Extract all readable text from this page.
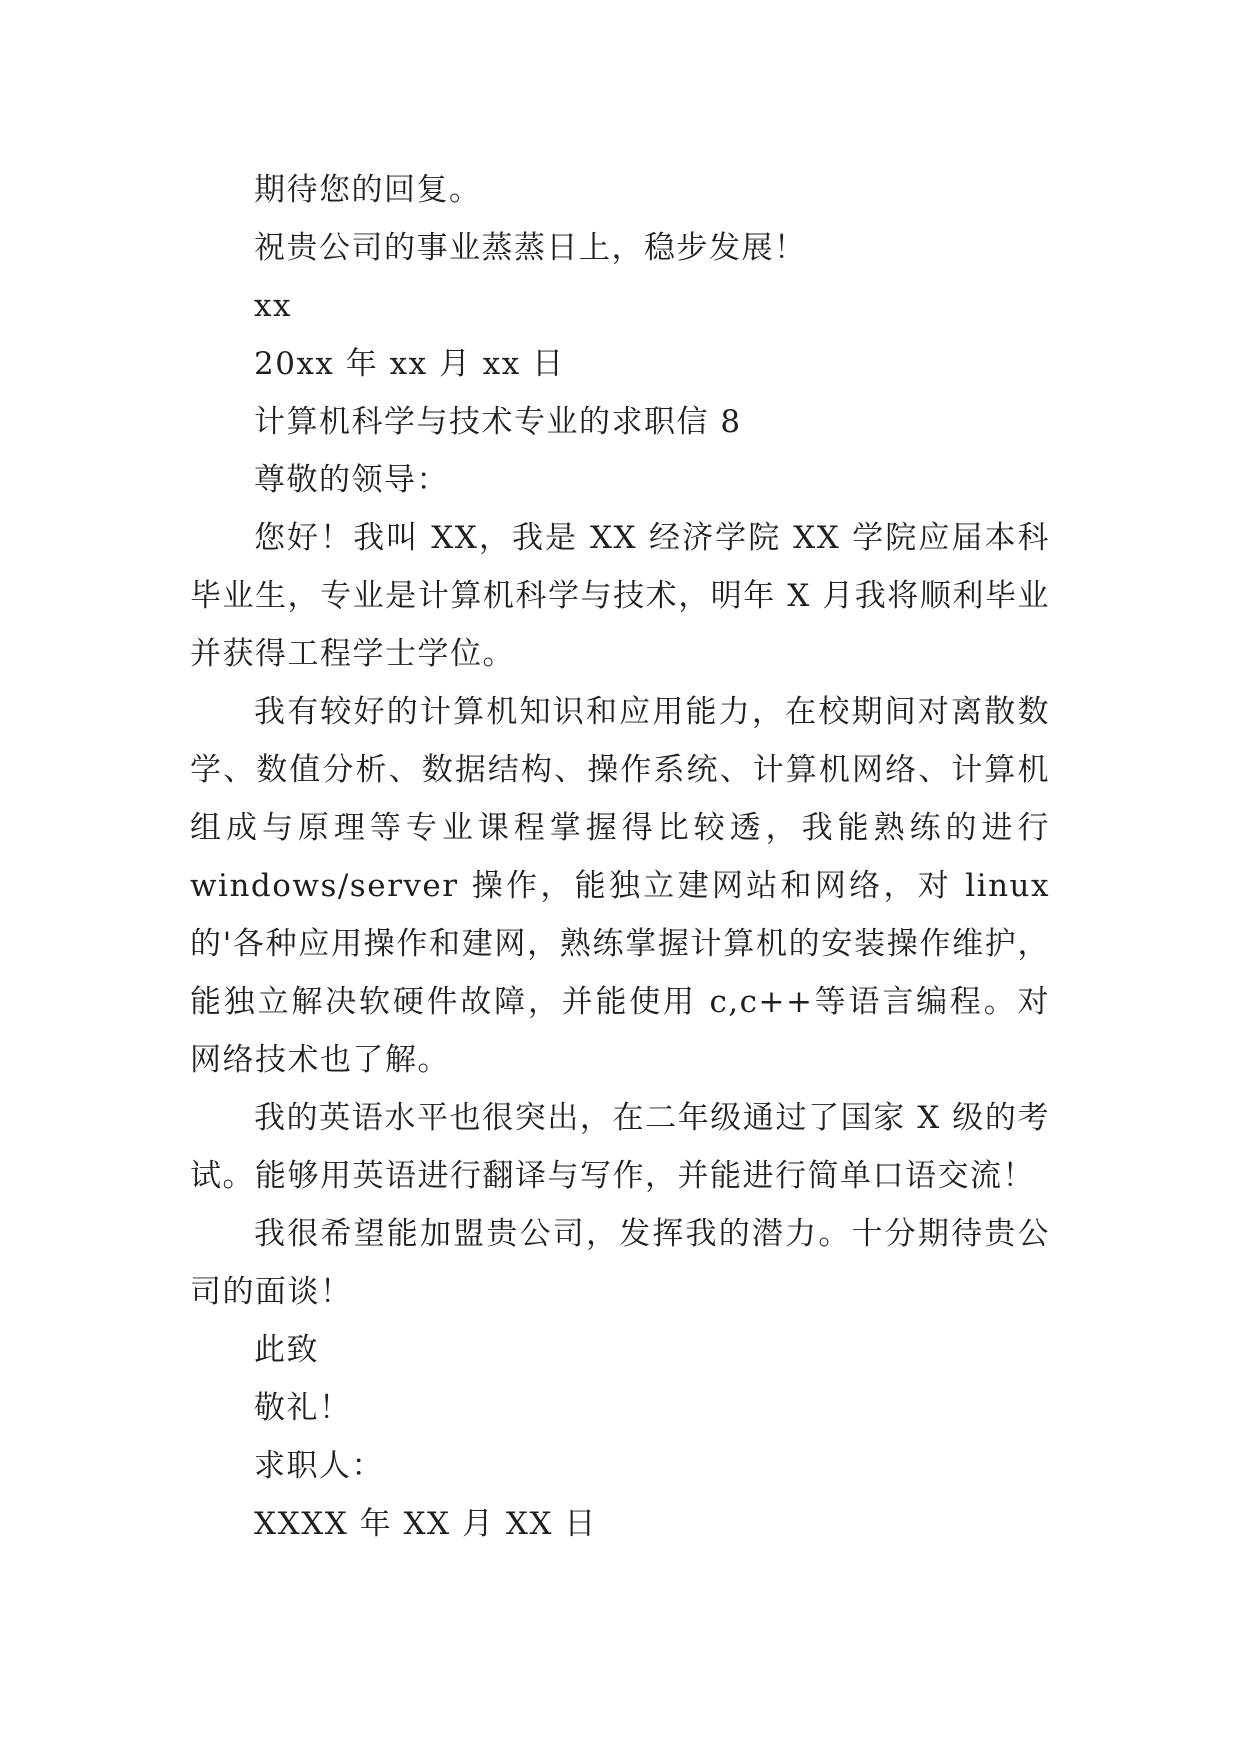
期待您的回复。

祝贵公司的事业蒸蒸日上，稳步发展！

xx

20xx 年 xx 月 xx 日

计算机科学与技术专业的求职信 8

尊敬的领导：

您好！我叫 XX，我是 XX 经济学院 XX 学院应届本科毕业生，专业是计算机科学与技术，明年 X 月我将顺利毕业并获得工程学士学位。

我有较好的计算机知识和应用能力，在校期间对离散数学、数值分析、数据结构、操作系统、计算机网络、计算机组成与原理等专业课程掌握得比较透，我能熟练的进行 windows/server 操作，能独立建网站和网络，对 linux 的'各种应用操作和建网，熟练掌握计算机的安装操作维护，能独立解决软硬件故障，并能使用 c,c++等语言编程。对网络技术也了解。

我的英语水平也很突出，在二年级通过了国家 X 级的考试。能够用英语进行翻译与写作，并能进行简单口语交流！

我很希望能加盟贵公司，发挥我的潜力。十分期待贵公司的面谈！

此致

敬礼！

求职人：

XXXX 年 XX 月 XX 日
